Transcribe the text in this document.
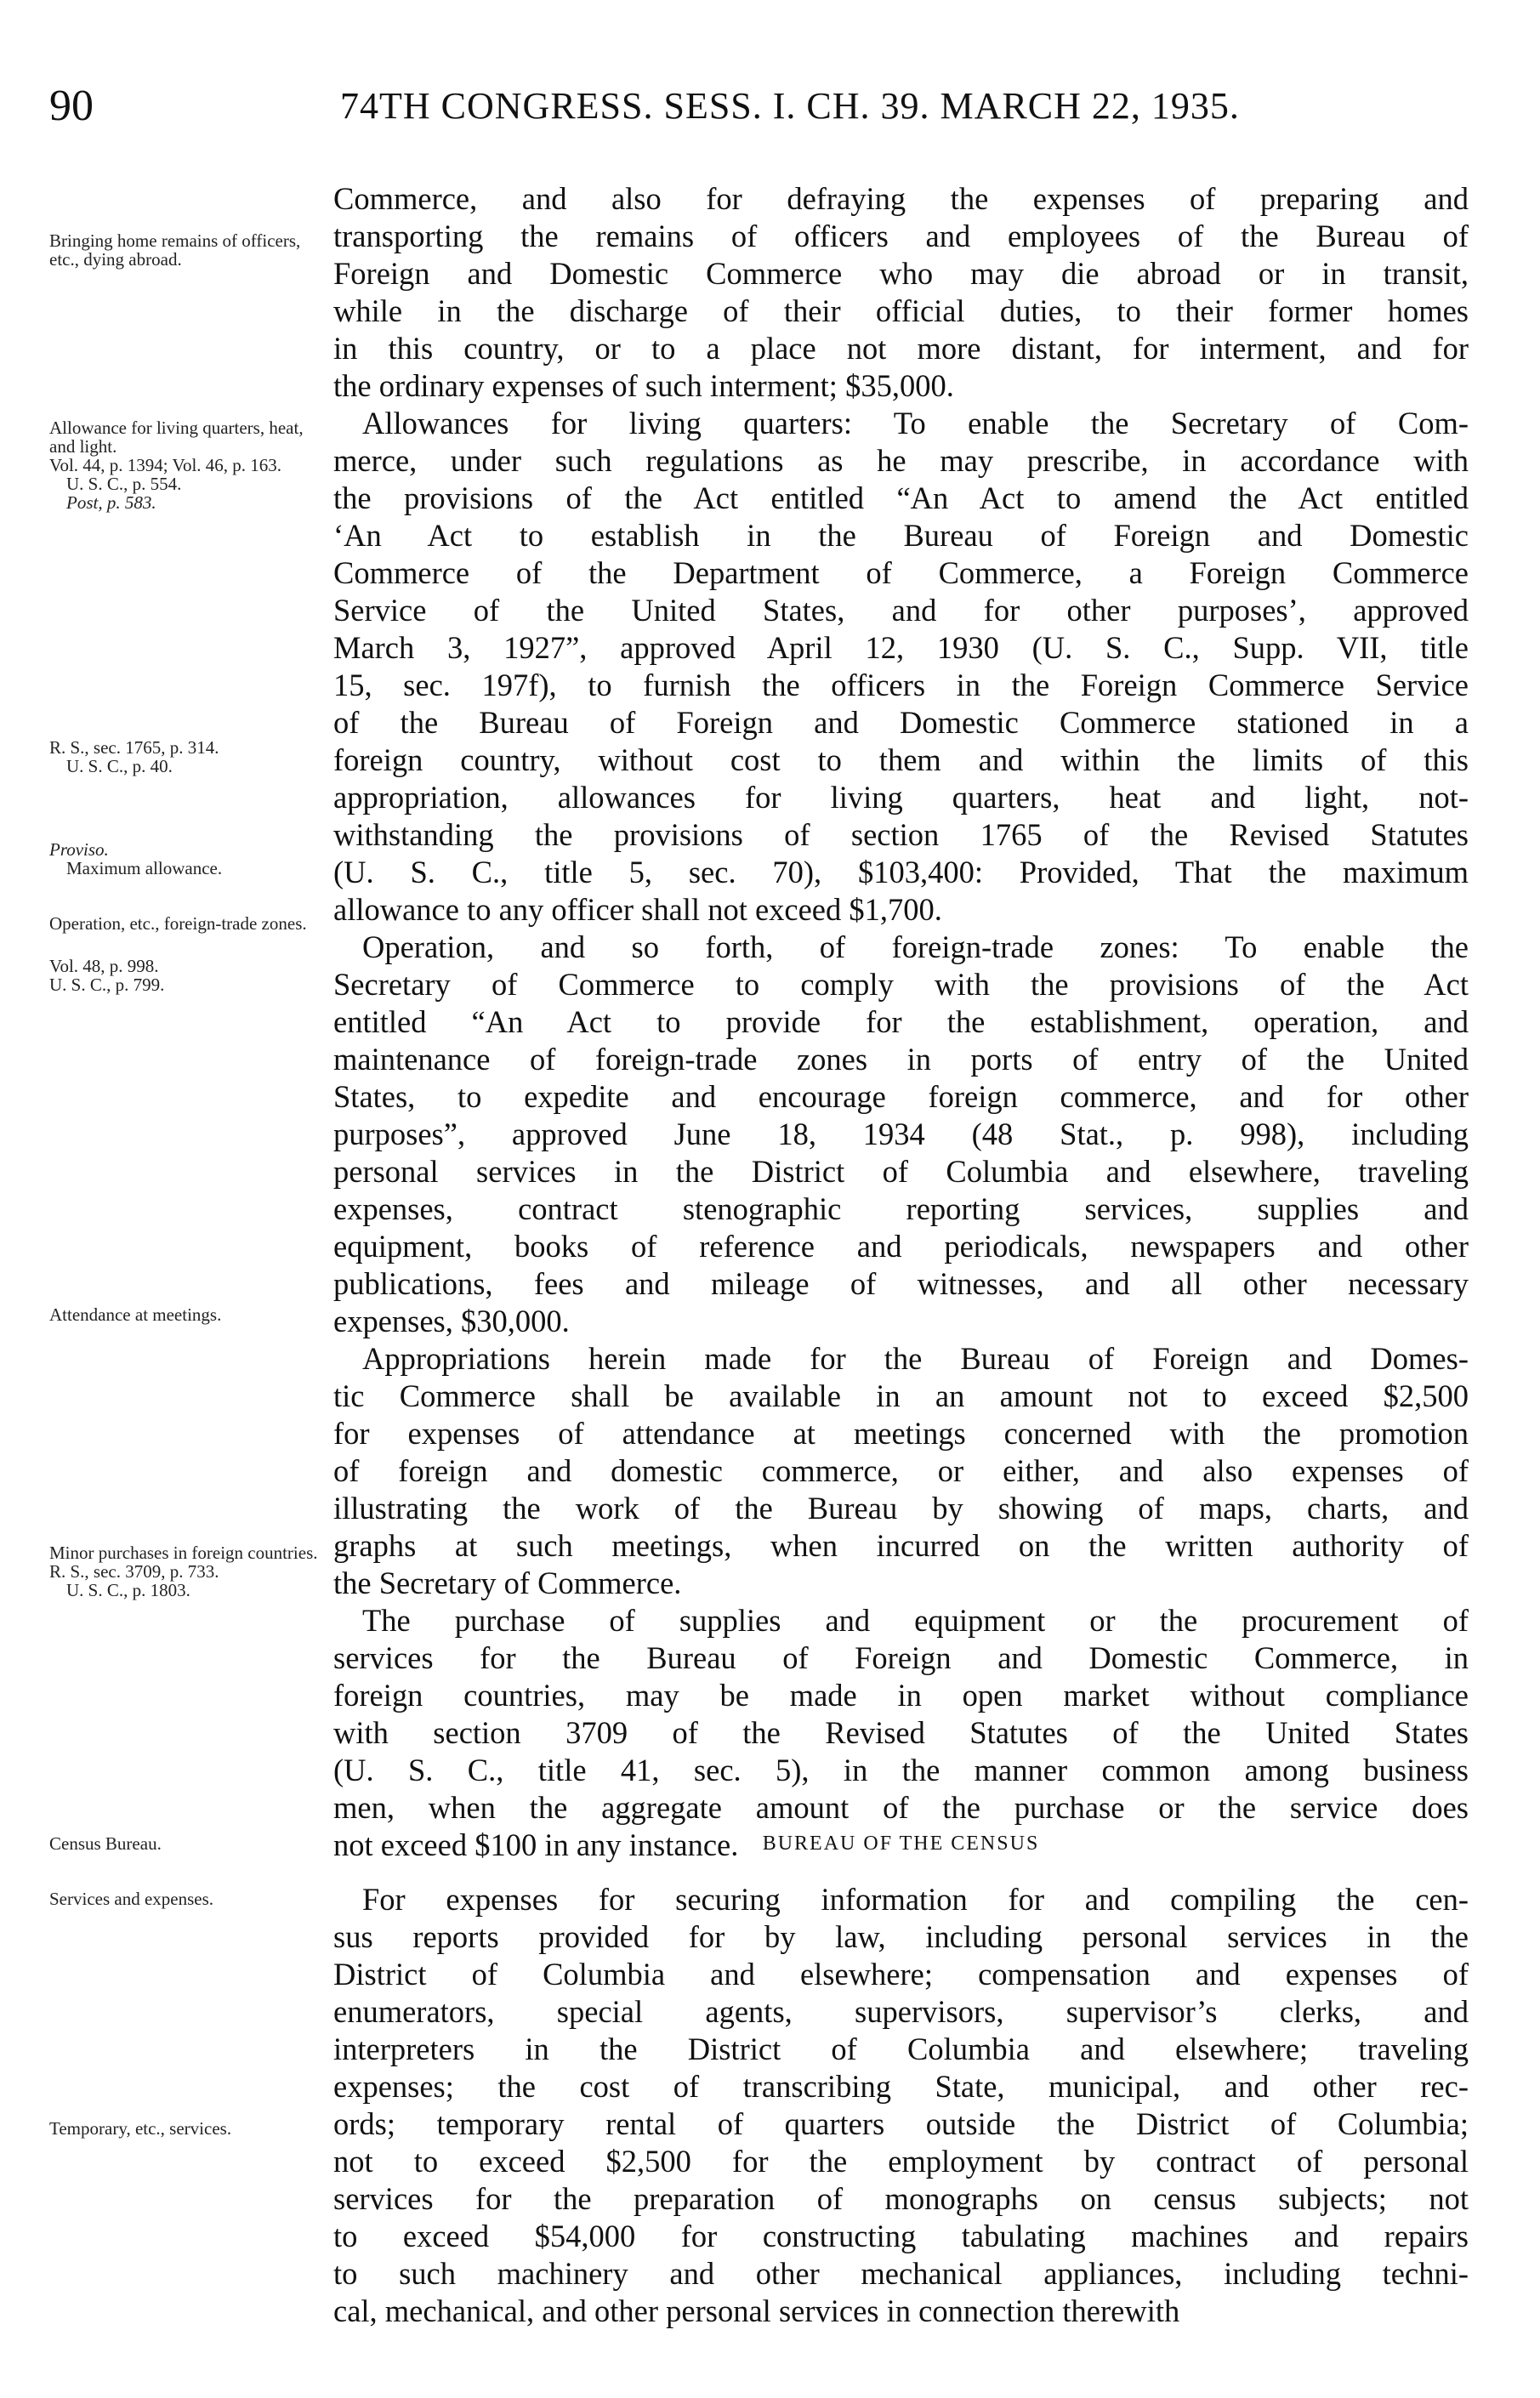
90	74TH CONGRESS. SESS. I. CH. 39. MARCH 22, 1935.
Bringing home remains of officers, etc., dying abroad.
Allowance for living quarters, heat, and light.
Vol. 44, p. 1394; Vol. 46, p. 163.
U. S. C., p. 554.
Post, p. 583.
R. S., sec. 1765, p. 314.
U. S. C., p. 40.
Proviso.
Maximum allowance.
Operation, etc., foreign-trade zones.
Vol. 48, p. 998.
U. S. C., p. 799.
Attendance at meetings.
Minor purchases in foreign countries.
R. S., sec. 3709, p. 733.
U. S. C., p. 1803.
Census Bureau.
Services and expenses.
Temporary, etc., services.
Commerce, and also for defraying the expenses of preparing and
transporting the remains of officers and employees of the Bureau of
Foreign and Domestic Commerce who may die abroad or in transit,
while in the discharge of their official duties, to their former homes
in this country, or to a place not more distant, for interment, and for
the ordinary expenses of such interment; $35,000.
Allowances for living quarters: To enable the Secretary of Com-
merce, under such regulations as he may prescribe, in accordance with
the provisions of the Act entitled “An Act to amend the Act entitled
‘An Act to establish in the Bureau of Foreign and Domestic
Commerce of the Department of Commerce, a Foreign Commerce
Service of the United States, and for other purposes’, approved
March 3, 1927”, approved April 12, 1930 (U. S. C., Supp. VII, title
15, sec. 197f), to furnish the officers in the Foreign Commerce Service
of the Bureau of Foreign and Domestic Commerce stationed in a
foreign country, without cost to them and within the limits of this
appropriation, allowances for living quarters, heat and light, not-
withstanding the provisions of section 1765 of the Revised Statutes
(U. S. C., title 5, sec. 70), $103,400: Provided, That the maximum
allowance to any officer shall not exceed $1,700.
Operation, and so forth, of foreign-trade zones: To enable the
Secretary of Commerce to comply with the provisions of the Act
entitled “An Act to provide for the establishment, operation, and
maintenance of foreign-trade zones in ports of entry of the United
States, to expedite and encourage foreign commerce, and for other
purposes”, approved June 18, 1934 (48 Stat., p. 998), including
personal services in the District of Columbia and elsewhere, traveling
expenses, contract stenographic reporting services, supplies and
equipment, books of reference and periodicals, newspapers and other
publications, fees and mileage of witnesses, and all other necessary
expenses, $30,000.
Appropriations herein made for the Bureau of Foreign and Domes-
tic Commerce shall be available in an amount not to exceed $2,500
for expenses of attendance at meetings concerned with the promotion
of foreign and domestic commerce, or either, and also expenses of
illustrating the work of the Bureau by showing of maps, charts, and
graphs at such meetings, when incurred on the written authority of
the Secretary of Commerce.
The purchase of supplies and equipment or the procurement of
services for the Bureau of Foreign and Domestic Commerce, in
foreign countries, may be made in open market without compliance
with section 3709 of the Revised Statutes of the United States
(U. S. C., title 41, sec. 5), in the manner common among business
men, when the aggregate amount of the purchase or the service does
not exceed $100 in any instance.	BUREAU OF THE CENSUS
For expenses for securing information for and compiling the cen-
sus reports provided for by law, including personal services in the
District of Columbia and elsewhere; compensation and expenses of
enumerators, special agents, supervisors, supervisor’s clerks, and
interpreters in the District of Columbia and elsewhere; traveling
expenses; the cost of transcribing State, municipal, and other rec-
ords; temporary rental of quarters outside the District of Columbia;
not to exceed $2,500 for the employment by contract of personal
services for the preparation of monographs on census subjects; not
to exceed $54,000 for constructing tabulating machines and repairs
to such machinery and other mechanical appliances, including techni-
cal, mechanical, and other personal services in connection therewith
